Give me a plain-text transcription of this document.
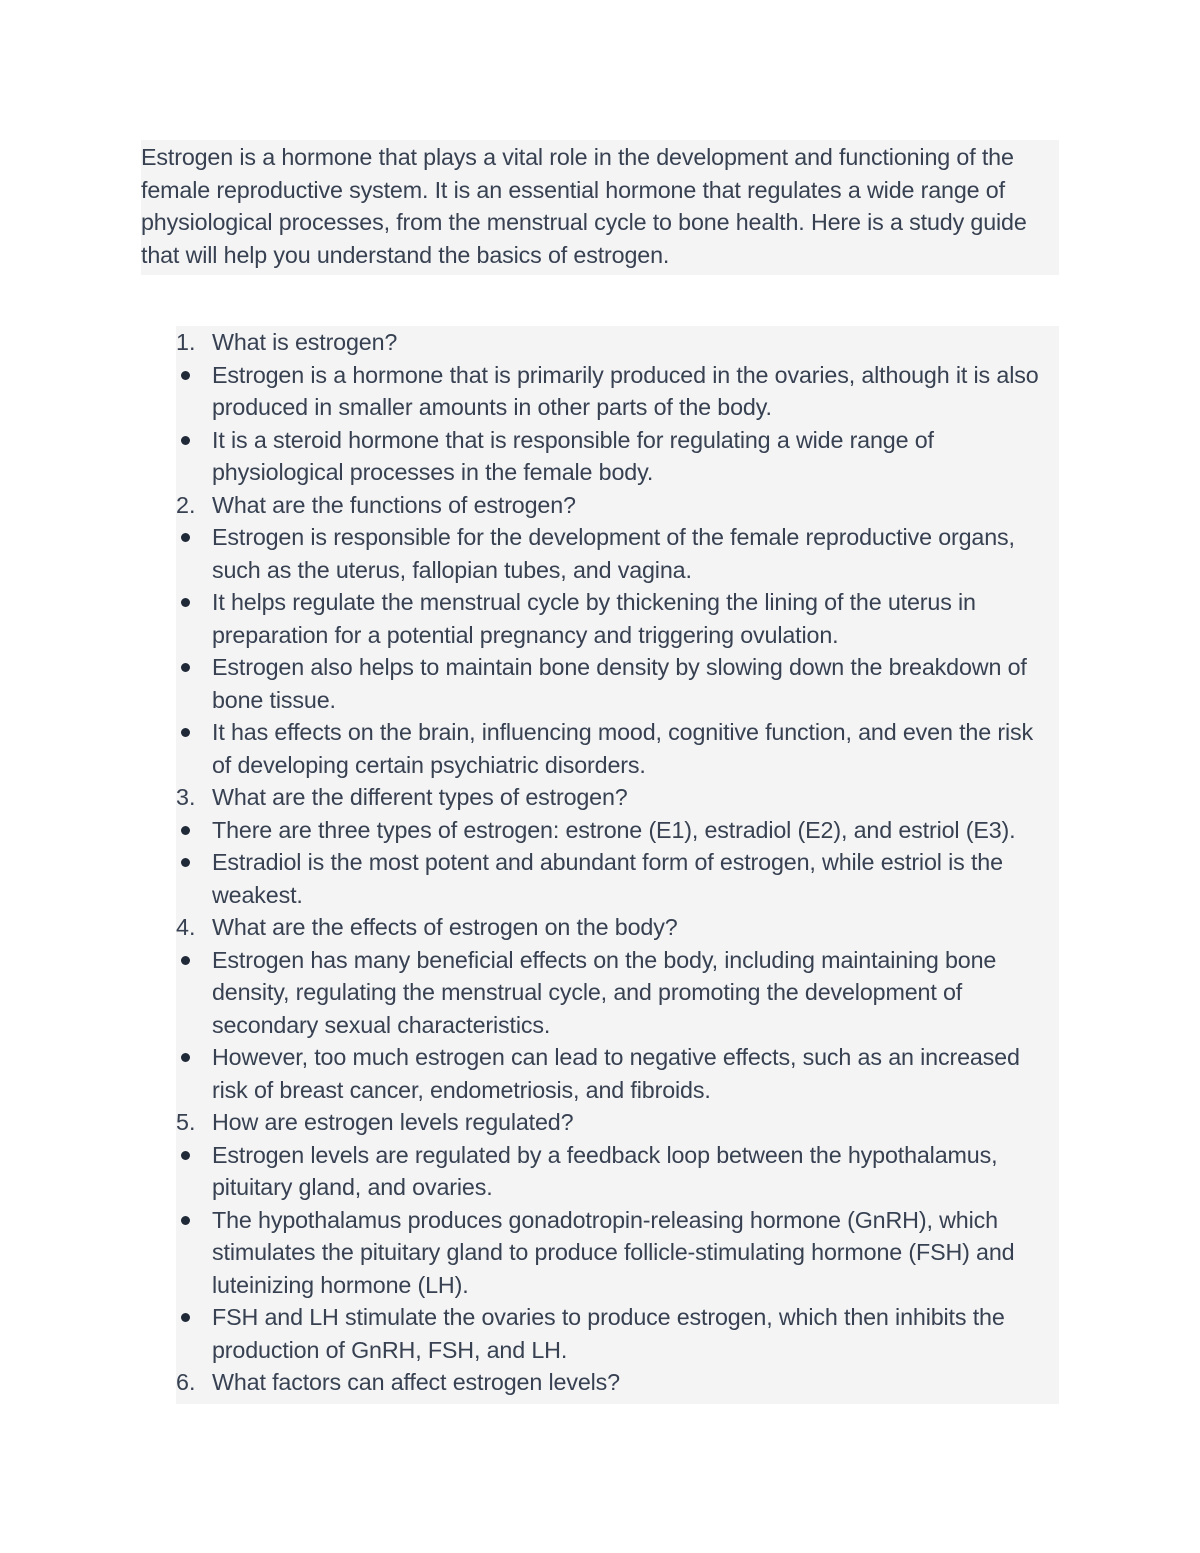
Estrogen is a hormone that plays a vital role in the development and functioning of the

female reproductive system. It is an essential hormone that regulates a wide range of

physiological processes, from the menstrual cycle to bone health. Here is a study guide

that will help you understand the basics of estrogen.

1. What is estrogen?
Estrogen is a hormone that is primarily produced in the ovaries, although it is also
produced in smaller amounts in other parts of the body.
It is a steroid hormone that is responsible for regulating a wide range of
physiological processes in the female body.
2. What are the functions of estrogen?
Estrogen is responsible for the development of the female reproductive organs,
such as the uterus, fallopian tubes, and vagina.
It helps regulate the menstrual cycle by thickening the lining of the uterus in
preparation for a potential pregnancy and triggering ovulation.
Estrogen also helps to maintain bone density by slowing down the breakdown of
bone tissue.
It has effects on the brain, influencing mood, cognitive function, and even the risk
of developing certain psychiatric disorders.
3. What are the different types of estrogen?
There are three types of estrogen: estrone (E1), estradiol (E2), and estriol (E3).
Estradiol is the most potent and abundant form of estrogen, while estriol is the
weakest.
4. What are the effects of estrogen on the body?
Estrogen has many beneficial effects on the body, including maintaining bone
density, regulating the menstrual cycle, and promoting the development of
secondary sexual characteristics.
However, too much estrogen can lead to negative effects, such as an increased
risk of breast cancer, endometriosis, and fibroids.
5. How are estrogen levels regulated?
Estrogen levels are regulated by a feedback loop between the hypothalamus,
pituitary gland, and ovaries.
The hypothalamus produces gonadotropin-releasing hormone (GnRH), which
stimulates the pituitary gland to produce follicle-stimulating hormone (FSH) and
luteinizing hormone (LH).
FSH and LH stimulate the ovaries to produce estrogen, which then inhibits the
production of GnRH, FSH, and LH.
6. What factors can affect estrogen levels?
